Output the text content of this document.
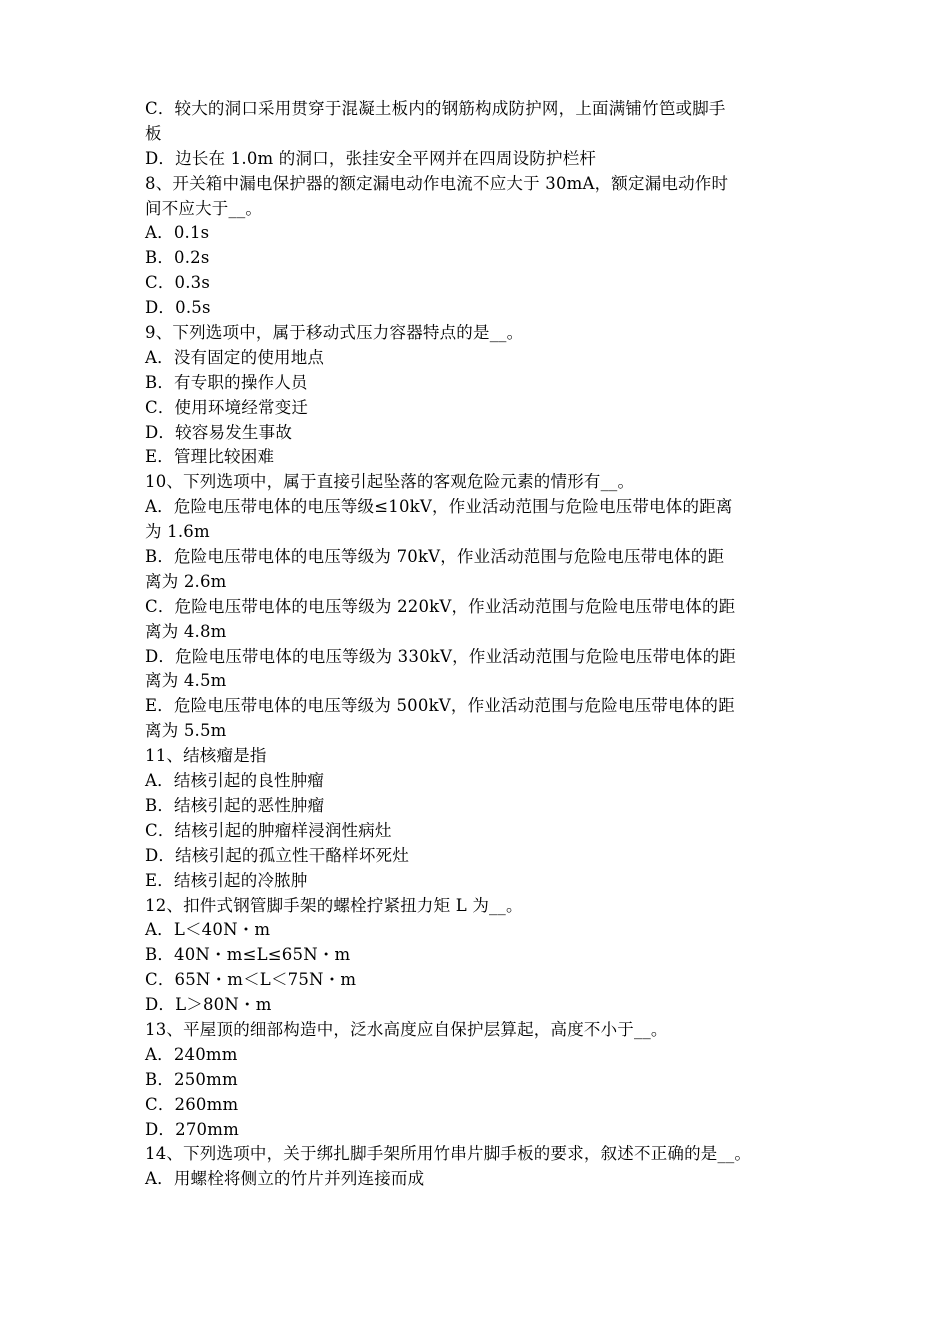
C．较大的洞口采用贯穿于混凝土板内的钢筋构成防护网，上面满铺竹笆或脚手
板
D．边长在 1.0m 的洞口，张挂安全平网并在四周设防护栏杆
8、开关箱中漏电保护器的额定漏电动作电流不应大于 30mA，额定漏电动作时
间不应大于__。
A．0.1s
B．0.2s
C．0.3s
D．0.5s
9、下列选项中，属于移动式压力容器特点的是__。
A．没有固定的使用地点
B．有专职的操作人员
C．使用环境经常变迁
D．较容易发生事故
E．管理比较困难
10、下列选项中，属于直接引起坠落的客观危险元素的情形有__。
A．危险电压带电体的电压等级≤10kV，作业活动范围与危险电压带电体的距离
为 1.6m
B．危险电压带电体的电压等级为 70kV，作业活动范围与危险电压带电体的距
离为 2.6m
C．危险电压带电体的电压等级为 220kV，作业活动范围与危险电压带电体的距
离为 4.8m
D．危险电压带电体的电压等级为 330kV，作业活动范围与危险电压带电体的距
离为 4.5m
E．危险电压带电体的电压等级为 500kV，作业活动范围与危险电压带电体的距
离为 5.5m
11、结核瘤是指
A．结核引起的良性肿瘤
B．结核引起的恶性肿瘤
C．结核引起的肿瘤样浸润性病灶
D．结核引起的孤立性干酪样坏死灶
E．结核引起的冷脓肿
12、扣件式钢管脚手架的螺栓拧紧扭力矩 L 为__。
A．L＜40N・m
B．40N・m≤L≤65N・m
C．65N・m＜L＜75N・m
D．L＞80N・m
13、平屋顶的细部构造中，泛水高度应自保护层算起，高度不小于__。
A．240mm
B．250mm
C．260mm
D．270mm
14、下列选项中，关于绑扎脚手架所用竹串片脚手板的要求，叙述不正确的是__。
A．用螺栓将侧立的竹片并列连接而成
